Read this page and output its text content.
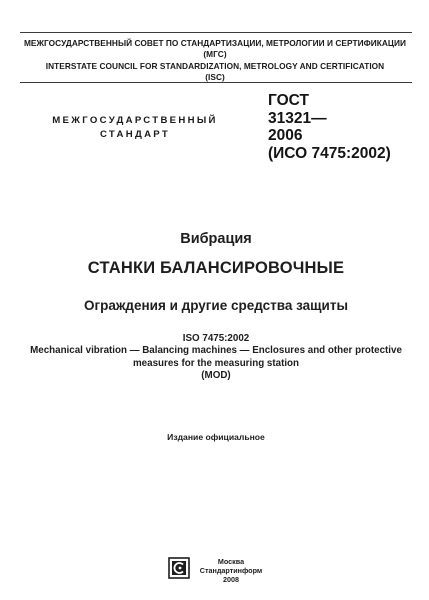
МЕЖГОСУДАРСТВЕННЫЙ СОВЕТ ПО СТАНДАРТИЗАЦИИ, МЕТРОЛОГИИ И СЕРТИФИКАЦИИ
(МГС)
INTERSTATE COUNCIL FOR STANDARDIZATION, METROLOGY AND CERTIFICATION
(ISC)
МЕЖГОСУДАРСТВЕННЫЙ
СТАНДАРТ
ГОСТ
31321—
2006
(ИСО 7475:2002)
Вибрация
СТАНКИ БАЛАНСИРОВОЧНЫЕ
Ограждения и другие средства защиты
ISO 7475:2002
Mechanical vibration — Balancing machines — Enclosures and other protective
measures for the measuring station
(MOD)
Издание официальное
Москва
Стандартинформ
2008
